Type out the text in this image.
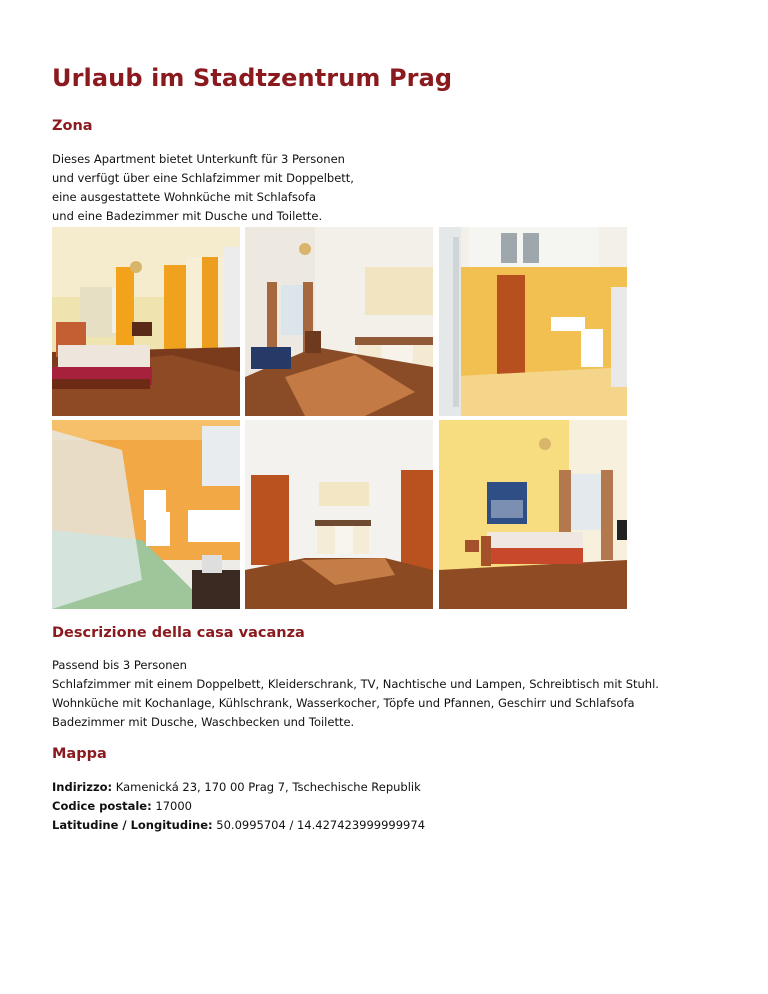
Urlaub im Stadtzentrum Prag
Zona
Dieses Apartment bietet Unterkunft für 3 Personen
und verfügt über eine Schlafzimmer mit Doppelbett,
eine ausgestattete Wohnküche mit Schlafsofa
und eine Badezimmer mit Dusche und Toilette.
Descrizione della casa vacanza
Passend bis 3 Personen
Schlafzimmer mit einem Doppelbett, Kleiderschrank, TV, Nachtische und Lampen, Schreibtisch mit Stuhl.
Wohnküche mit Kochanlage, Kühlschrank, Wasserkocher, Töpfe und Pfannen, Geschirr und Schlafsofa
Badezimmer mit Dusche, Waschbecken und Toilette.
Mappa
Indirizzo: Kamenická 23, 170 00 Prag 7, Tschechische Republik
Codice postale: 17000
Latitudine / Longitudine: 50.0995704 / 14.427423999999974
